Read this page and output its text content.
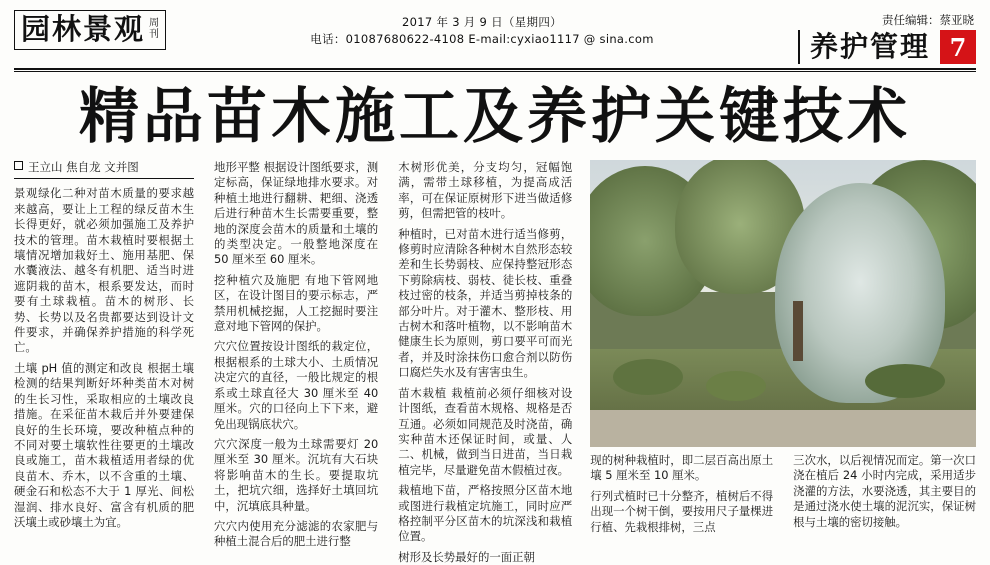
园林景观 周
刊
2017 年 3 月 9 日（星期四）
电话：01087680622-4108 E-mail:cyxiao1117 @ sina.com
责任编辑：蔡亚晓
养护管理 7
精品苗木施工及养护关键技术
王立山 焦自龙 文并图

景观绿化二种对苗木质量的要求越来越高，要让上工程的绿反苗木生长得更好，就必须加强施工及养护技术的管理。苗木栽植时要根据土壤情况增加栽好土、施用基肥、保水囊液法、越冬有机肥、适当时进遮阴栽的苗木，根系要发达，而时要有土球栽植。苗木的树形、长势、长势以及名贵都要达到设计文件要求，并确保养护措施的科学死亡。

土壤 pH 值的测定和改良 根据土壤检测的结果判断好坏种类苗木对树的生长习性，采取相应的土壤改良措施。在采征苗木栽后并外要建保良好的生长环境，要改种植点种的不同对要土壤软性往要更的土壤改良或施工，苗木栽植适用者绿的优良苗木、乔木，以不含重的土壤、硬金石和松态不大于 1 厚光、间松湿润、排水良好、富含有机质的肥沃壤土或砂壤土为宜。

地形平整 根据设计图纸要求，测定标高，保证绿地排水要求。对种植土地进行翻耕、耙细、浇透后进行种苗木生长需要重要，整地的深度会苗木的质量和土壤的的类型决定。一般整地深度在 50 厘米至 60 厘米。

挖种植穴及施肥 有地下管网地区，在设计图目的要示标志，严禁用机械挖掘，人工挖掘时要注意对地下管网的保护。

穴穴位置按设计图纸的栽定位，根据根系的土球大小、土质情况决定穴的直径，一般比规定的根系或土球直径大 30 厘米至 40 厘米。穴的口径向上下下来，避免出现锅底状穴。

穴穴深度一般为土球需要灯 20 厘米至 30 厘米。沉坑有大石块将影响苗木的生长。要提取坑土，把坑穴细，选择好土填回坑中，沉填底具种量。

穴穴内使用充分滤滤的农家肥与种植土混合后的肥土进行整

木树形优美，分支均匀，冠幅饱满，需带土球移植，为提高成活率，可在保证原树形下进当做适修剪，但需把管的枝叶。

种植时，已对苗木进行适当修剪，修剪时应清除各种树木自然形态较差和生长势弱枝、应保持整冠形态下剪除病枝、弱枝、徒长枝、重叠枝过密的枝条，并适当剪掉枝条的部分叶片。对于灌木、整形枝、用古树木和落叶植物，以不影响苗木健康生长为原则，剪口要平可而光者，并及时涂抹伤口愈合剂以防伤口腐烂失水及有害害虫生。

苗木栽植 栽植前必须仔细核对设计图纸，查看苗木规格、规格是否互通。必须如同规范及时浇苗，确实种苗木还保证时间，或量、人二、机械，做到当日进苗，当日栽植完毕，尽量避免苗木假植过夜。

栽植地下苗，严格按照分区苗木地或图进行栽植定坑施工，同时应严格控制平分区苗木的坑深浅和栽植位置。

树形及长势最好的一面正朝

现的树种栽植时，即二层百高出原土壤 5 厘米至 10 厘米。

行列式植时已十分整齐，植树后不得出现一个树干倒，要按用尺子量棵进行植、先栽根排树，三点

三次水，以后视情况而定。第一次口浇在植后 24 小时内完成，采用适步浇灌的方法，水要浇透，其主要目的是通过浇水使土壤的泥沉实，保证树根与土壤的密切接触。
